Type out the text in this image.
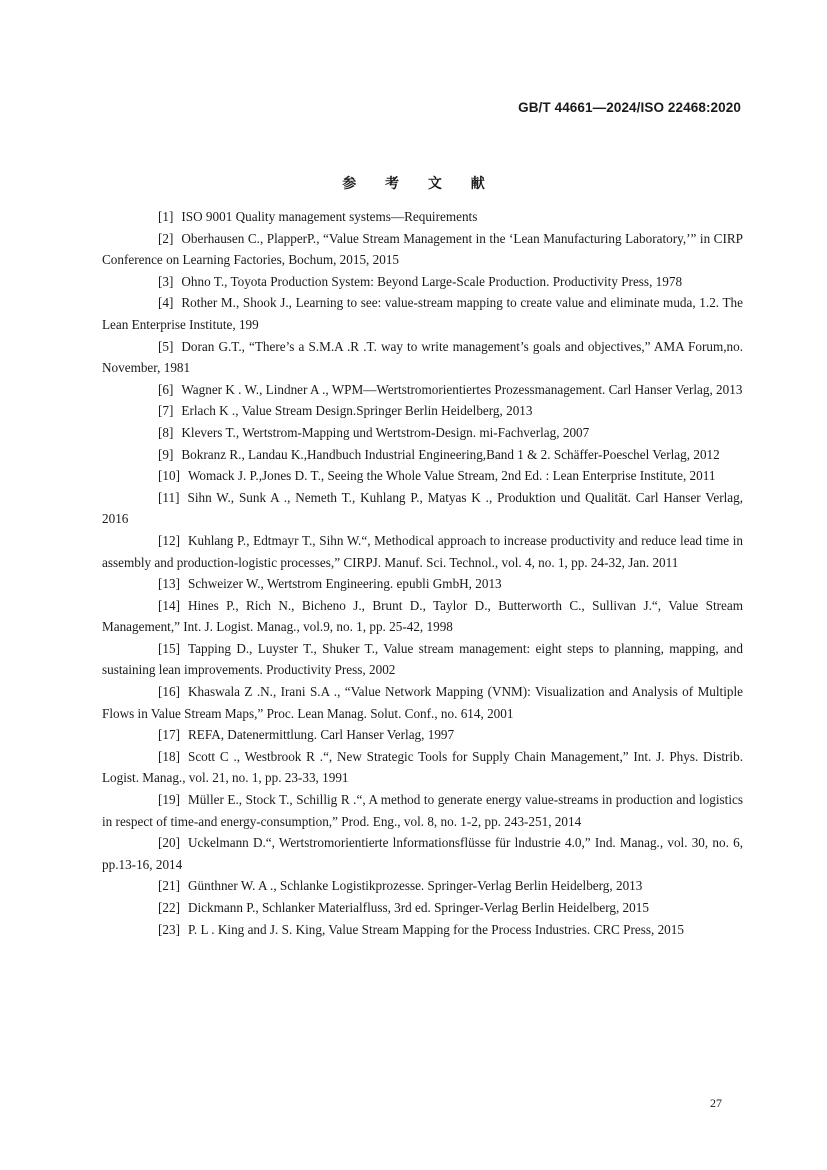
GB/T 44661—2024/ISO 22468:2020
参 考 文 献

[1] ISO 9001 Quality management systems—Requirements

[2] Oberhausen C., PlapperP., “Value Stream Management in the ‘Lean Manufacturing Laboratory,’” in CIRP Conference on Learning Factories, Bochum, 2015, 2015

[3] Ohno T., Toyota Production System: Beyond Large-Scale Production. Productivity Press, 1978

[4] Rother M., Shook J., Learning to see: value-stream mapping to create value and eliminate muda, 1.2. The Lean Enterprise Institute, 199

[5] Doran G.T., “There’s a S.M.A .R .T. way to write management’s goals and objectives,” AMA Forum,no. November, 1981

[6] Wagner K . W., Lindner A ., WPM—Wertstromorientiertes Prozessmanagement. Carl Hanser Verlag, 2013

[7] Erlach K ., Value Stream Design.Springer Berlin Heidelberg, 2013

[8] Klevers T., Wertstrom-Mapping und Wertstrom-Design. mi-Fachverlag, 2007

[9] Bokranz R., Landau K.,Handbuch Industrial Engineering,Band 1 & 2. Schäffer-Poeschel Verlag, 2012

[10] Womack J. P.,Jones D. T., Seeing the Whole Value Stream, 2nd Ed. : Lean Enterprise Institute, 2011

[11] Sihn W., Sunk A ., Nemeth T., Kuhlang P., Matyas K ., Produktion und Qualität. Carl Hanser Verlag, 2016

[12] Kuhlang P., Edtmayr T., Sihn W.“, Methodical approach to increase productivity and reduce lead time in assembly and production-logistic processes,” CIRPJ. Manuf. Sci. Technol., vol. 4, no. 1, pp. 24-32, Jan. 2011

[13] Schweizer W., Wertstrom Engineering. epubli GmbH, 2013

[14] Hines P., Rich N., Bicheno J., Brunt D., Taylor D., Butterworth C., Sullivan J.“, Value Stream Management,” Int. J. Logist. Manag., vol.9, no. 1, pp. 25-42, 1998

[15] Tapping D., Luyster T., Shuker T., Value stream management: eight steps to planning, mapping, and sustaining lean improvements. Productivity Press, 2002

[16] Khaswala Z .N., Irani S.A ., “Value Network Mapping (VNM): Visualization and Analysis of Multiple Flows in Value Stream Maps,” Proc. Lean Manag. Solut. Conf., no. 614, 2001

[17] REFA, Datenermittlung. Carl Hanser Verlag, 1997

[18] Scott C ., Westbrook R .“, New Strategic Tools for Supply Chain Management,” Int. J. Phys. Distrib. Logist. Manag., vol. 21, no. 1, pp. 23-33, 1991

[19] Müller E., Stock T., Schillig R .“, A method to generate energy value-streams in production and logistics in respect of time-and energy-consumption,” Prod. Eng., vol. 8, no. 1-2, pp. 243-251, 2014

[20] Uckelmann D.“, Wertstromorientierte lnformationsflüsse für lndustrie 4.0,” Ind. Manag., vol. 30, no. 6, pp.13-16, 2014

[21] Günthner W. A ., Schlanke Logistikprozesse. Springer-Verlag Berlin Heidelberg, 2013

[22] Dickmann P., Schlanker Materialfluss, 3rd ed. Springer-Verlag Berlin Heidelberg, 2015

[23] P. L . King and J. S. King, Value Stream Mapping for the Process Industries. CRC Press, 2015

27
